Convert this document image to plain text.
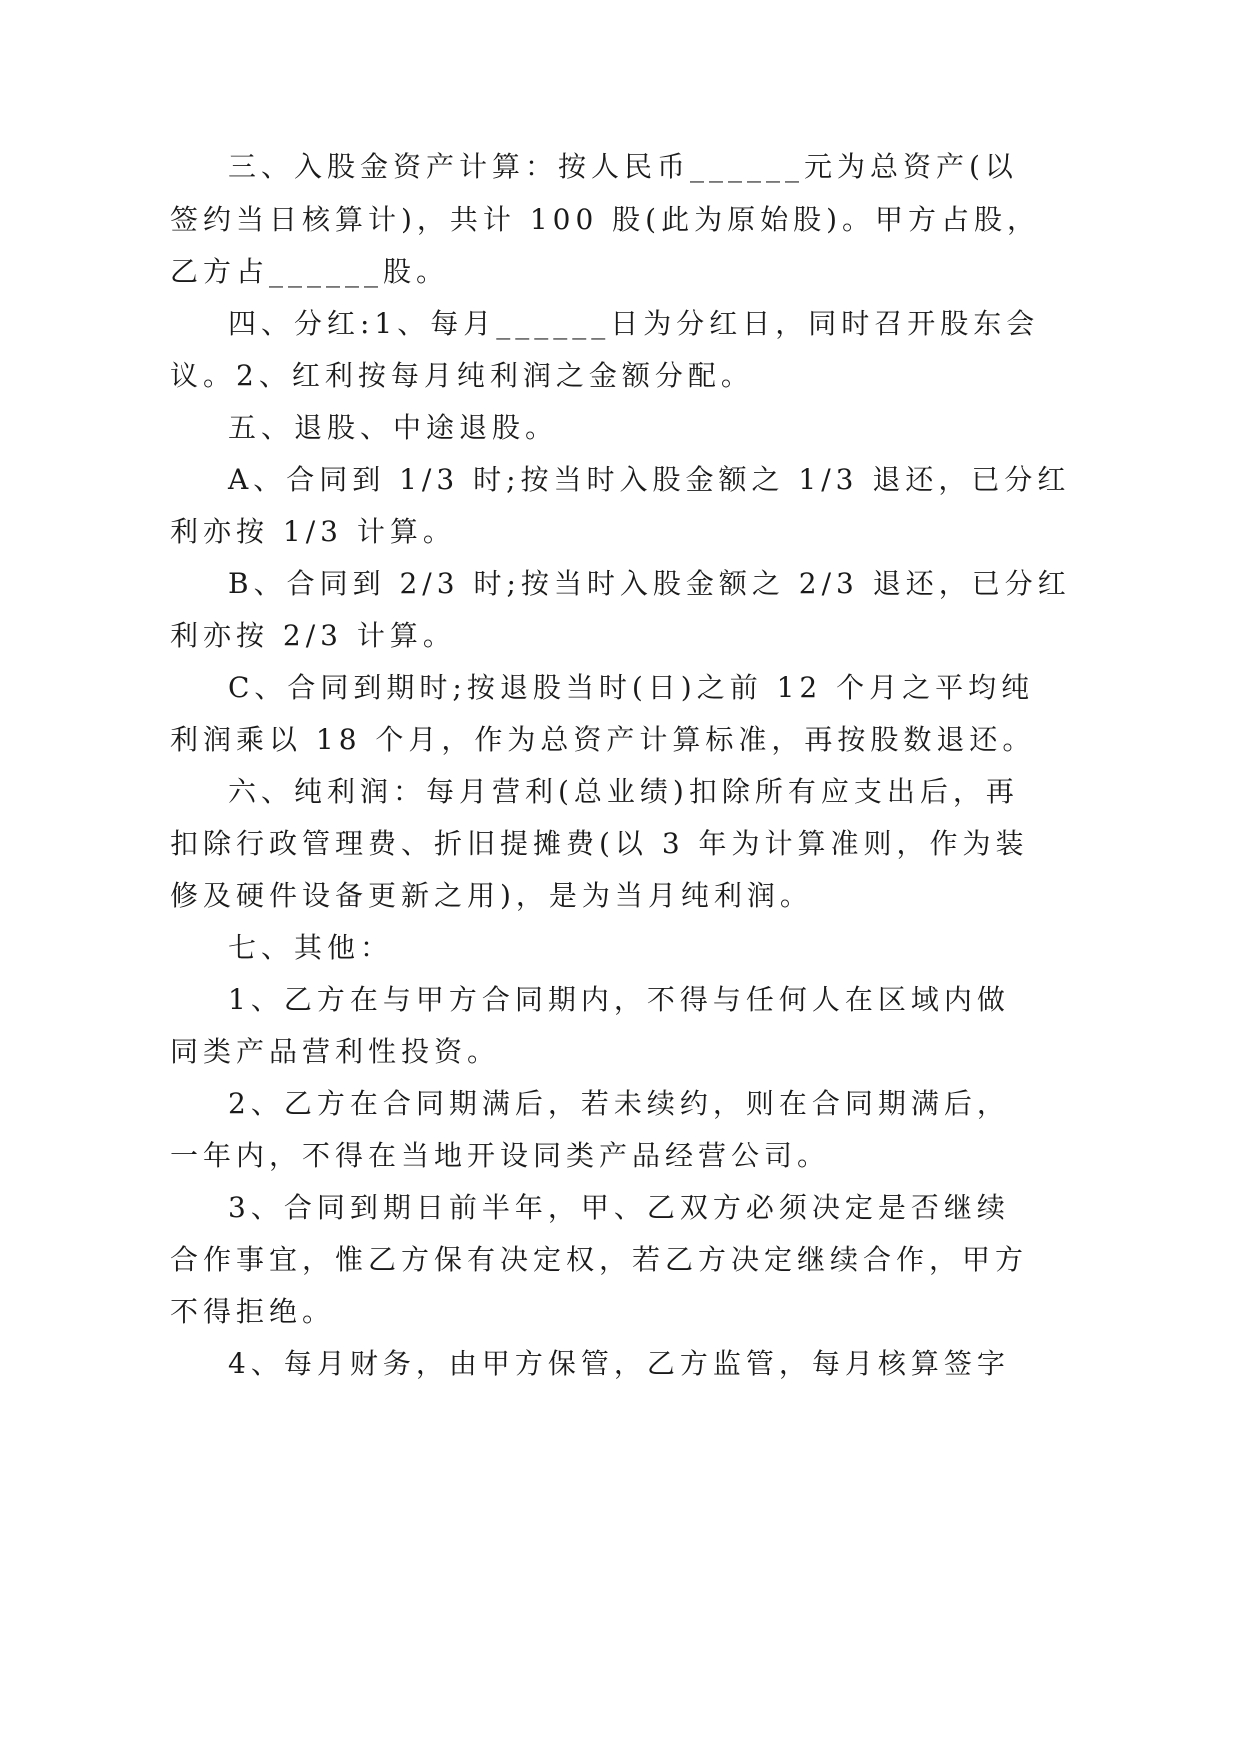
三、入股金资产计算：按人民币______元为总资产(以
签约当日核算计)，共计 100 股(此为原始股)。甲方占股，
乙方占______股。
四、分红:1、每月______日为分红日，同时召开股东会
议。2、红利按每月纯利润之金额分配。
五、退股、中途退股。
A、合同到 1/3 时;按当时入股金额之 1/3 退还，已分红
利亦按 1/3 计算。
B、合同到 2/3 时;按当时入股金额之 2/3 退还，已分红
利亦按 2/3 计算。
C、合同到期时;按退股当时(日)之前 12 个月之平均纯
利润乘以 18 个月，作为总资产计算标准，再按股数退还。
六、纯利润：每月营利(总业绩)扣除所有应支出后，再
扣除行政管理费、折旧提摊费(以 3 年为计算准则，作为装
修及硬件设备更新之用)，是为当月纯利润。
七、其他：
1、乙方在与甲方合同期内，不得与任何人在区域内做
同类产品营利性投资。
2、乙方在合同期满后，若未续约，则在合同期满后，
一年内，不得在当地开设同类产品经营公司。
3、合同到期日前半年，甲、乙双方必须决定是否继续
合作事宜，惟乙方保有决定权，若乙方决定继续合作，甲方
不得拒绝。
4、每月财务，由甲方保管，乙方监管，每月核算签字
